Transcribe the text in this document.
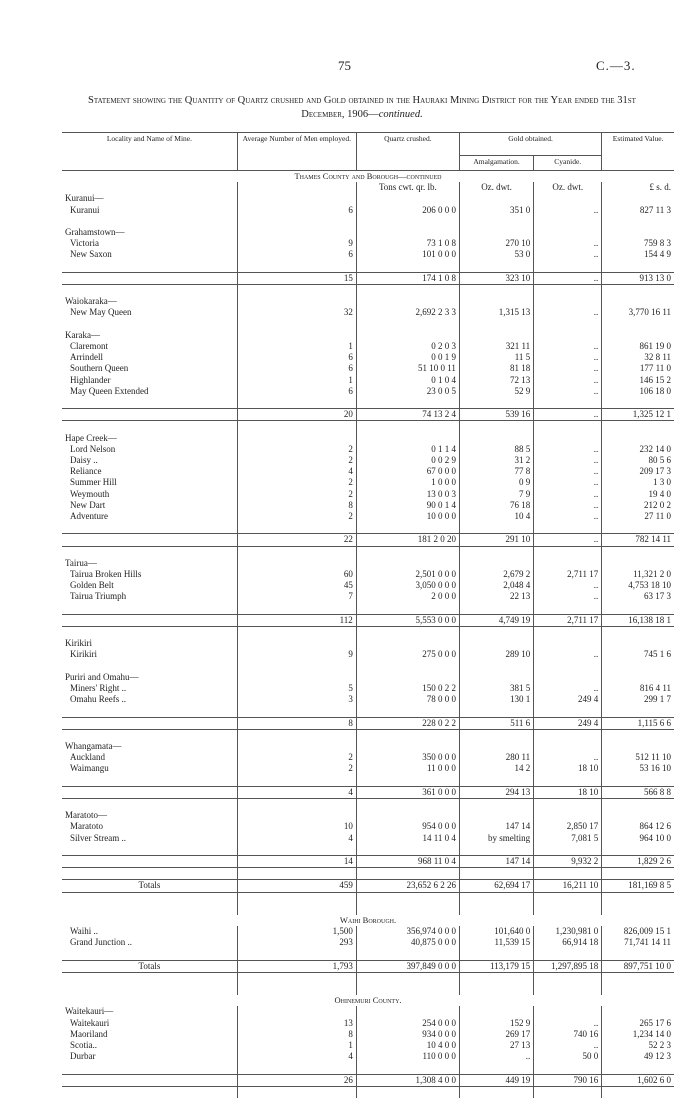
75	C.—3.
Statement showing the Quantity of Quartz crushed and Gold obtained in the Hauraki Mining District for the Year ended the 31st December, 1906—continued.
Locality and Name of Mine.	Average Number of Men employed.	Quartz crushed.	Gold obtained.		Estimated Value.
			Amalgamation.	Cyanide.	
Thames County and Borough—continued					
		Tons cwt. qr. lb.	Oz. dwt.	Oz. dwt.	£ s. d.
Kuranui—					
Kuranui	6	206 0 0 0	351 0	..	827 11 3

Grahamstown—					
Victoria	9	73 1 0 8	270 10	..	759 8 3
New Saxon	6	101 0 0 0	53 0	..	154 4 9

	15	174 1 0 8	323 10	..	913 13 0

Waiokaraka—					
New May Queen	32	2,692 2 3 3	1,315 13	..	3,770 16 11

Karaka—					
Claremont	1	0 2 0 3	321 11	..	861 19 0
Arrindell	6	0 0 1 9	11 5	..	32 8 11
Southern Queen	6	51 10 0 11	81 18	..	177 11 0
Highlander	1	0 1 0 4	72 13	..	146 15 2
May Queen Extended	6	23 0 0 5	52 9	..	106 18 0

	20	74 13 2 4	539 16	..	1,325 12 1

Hape Creek—					
Lord Nelson	2	0 1 1 4	88 5	..	232 14 0
Daisy ..	2	0 0 2 9	31 2	..	80 5 6
Reliance	4	67 0 0 0	77 8	..	209 17 3
Summer Hill	2	1 0 0 0	0 9	..	1 3 0
Weymouth	2	13 0 0 3	7 9	..	19 4 0
New Dart	8	90 0 1 4	76 18	..	212 0 2
Adventure	2	10 0 0 0	10 4	..	27 11 0

	22	181 2 0 20	291 10	..	782 14 11

Tairua—					
Tairua Broken Hills	60	2,501 0 0 0	2,679 2	2,711 17	11,321 2 0
Golden Belt	45	3,050 0 0 0	2,048 4	..	4,753 18 10
Tairua Triumph	7	2 0 0 0	22 13	..	63 17 3

	112	5,553 0 0 0	4,749 19	2,711 17	16,138 18 1

Kirikiri					
Kirikiri	9	275 0 0 0	289 10	..	745 1 6

Puriri and Omahu—					
Miners' Right ..	5	150 0 2 2	381 5	..	816 4 11
Omahu Reefs ..	3	78 0 0 0	130 1	249 4	299 1 7

	8	228 0 2 2	511 6	249 4	1,115 6 6

Whangamata—					
Auckland	2	350 0 0 0	280 11	..	512 11 10
Waimangu	2	11 0 0 0	14 2	18 10	53 16 10

	4	361 0 0 0	294 13	18 10	566 8 8

Maratoto—					
Maratoto	10	954 0 0 0	147 14	2,850 17	864 12 6
Silver Stream ..	4	14 11 0 4	by smelting	7,081 5	964 10 0

	14	968 11 0 4	147 14	9,932 2	1,829 2 6

Totals	459	23,652 6 2 26	62,694 17	16,211 10	181,169 8 5

Waihi Borough.					
Waihi ..	1,500	356,974 0 0 0	101,640 0	1,230,981 0	826,009 15 1
Grand Junction ..	293	40,875 0 0 0	11,539 15	66,914 18	71,741 14 11

Totals	1,793	397,849 0 0 0	113,179 15	1,297,895 18	897,751 10 0

Ohinemuri County.					
Waitekauri—					
Waitekauri	13	254 0 0 0	152 9	..	265 17 6
Maoriland	8	934 0 0 0	269 17	740 16	1,234 14 0
Scotia..	1	10 4 0 0	27 13	..	52 2 3
Durbar	4	110 0 0 0	..	50 0	49 12 3

	26	1,308 4 0 0	449 19	790 16	1,602 6 0
